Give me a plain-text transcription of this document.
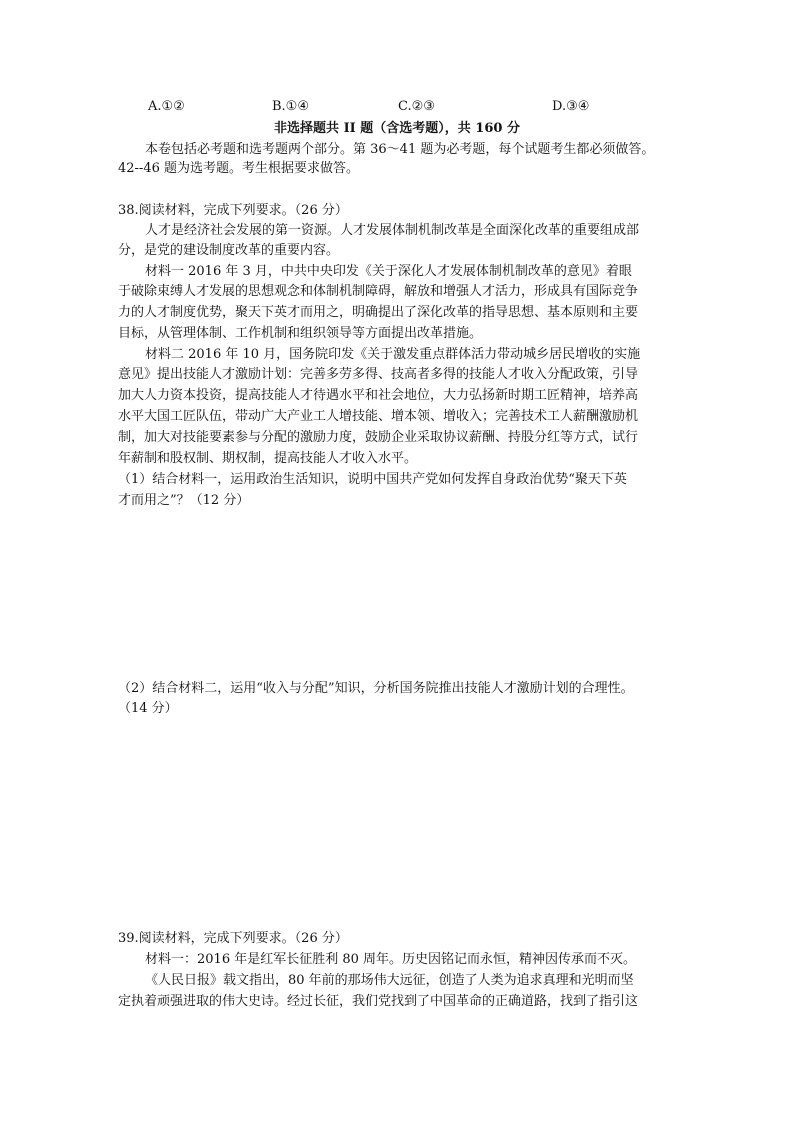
A.①②	B.①④	C.②③	D.③④
非选择题共 II 题（含选考题），共 160 分
本卷包括必考题和选考题两个部分。第 36～41 题为必考题，每个试题考生都必须做答。
42--46 题为选考题。考生根据要求做答。
38.阅读材料，完成下列要求。（26 分）
人才是经济社会发展的第一资源。人才发展体制机制改革是全面深化改革的重要组成部
分，是党的建设制度改革的重要内容。
材料一 2016 年 3 月，中共中央印发《关于深化人才发展体制机制改革的意见》着眼
于破除束缚人才发展的思想观念和体制机制障碍，解放和增强人才活力，形成具有国际竞争
力的人才制度优势，聚天下英才而用之，明确提出了深化改革的指导思想、基本原则和主要
目标，从管理体制、工作机制和组织领导等方面提出改革措施。
材料二 2016 年 10 月，国务院印发《关于激发重点群体活力带动城乡居民增收的实施
意见》提出技能人才激励计划：完善多劳多得、技高者多得的技能人才收入分配政策，引导
加大人力资本投资，提高技能人才待遇水平和社会地位，大力弘扬新时期工匠精神，培养高
水平大国工匠队伍，带动广大产业工人增技能、增本领、增收入；完善技术工人薪酬激励机
制，加大对技能要素参与分配的激励力度，鼓励企业采取协议薪酬、持股分红等方式，试行
年薪制和股权制、期权制，提高技能人才收入水平。
（1）结合材料一，运用政治生活知识，说明中国共产党如何发挥自身政治优势“聚天下英
才而用之”？（12 分）
（2）结合材料二，运用“收入与分配”知识，分析国务院推出技能人才激励计划的合理性。
（14 分）
39.阅读材料，完成下列要求。（26 分）
材料一：2016 年是红军长征胜利 80 周年。历史因铭记而永恒，精神因传承而不灭。
《人民日报》载文指出，80 年前的那场伟大远征，创造了人类为追求真理和光明而坚
定执着顽强进取的伟大史诗。经过长征，我们党找到了中国革命的正确道路，找到了指引这
